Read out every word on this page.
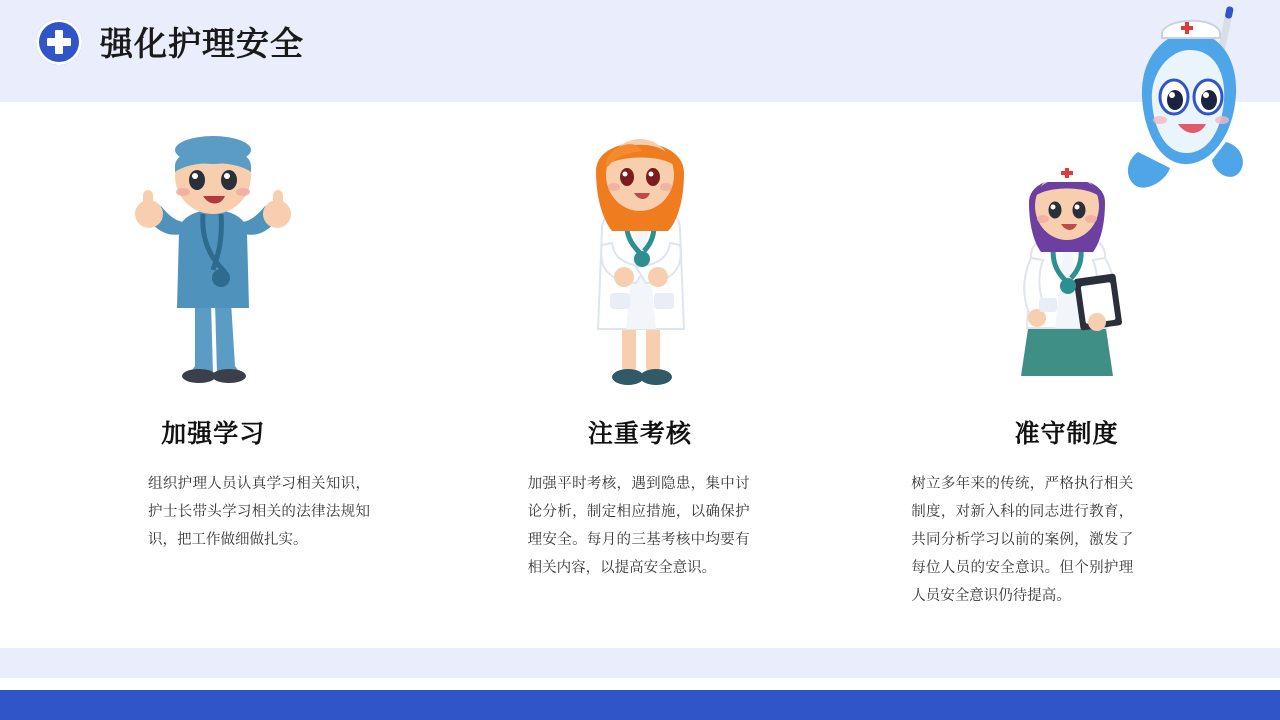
强化护理安全
加强学习
组织护理人员认真学习相关知识，护士长带头学习相关的法律法规知识，把工作做细做扎实。
注重考核
加强平时考核，遇到隐患，集中讨论分析，制定相应措施，以确保护理安全。每月的三基考核中均要有相关内容，以提高安全意识。
准守制度
树立多年来的传统，严格执行相关制度，对新入科的同志进行教育，共同分析学习以前的案例，激发了每位人员的安全意识。但个别护理人员安全意识仍待提高。
